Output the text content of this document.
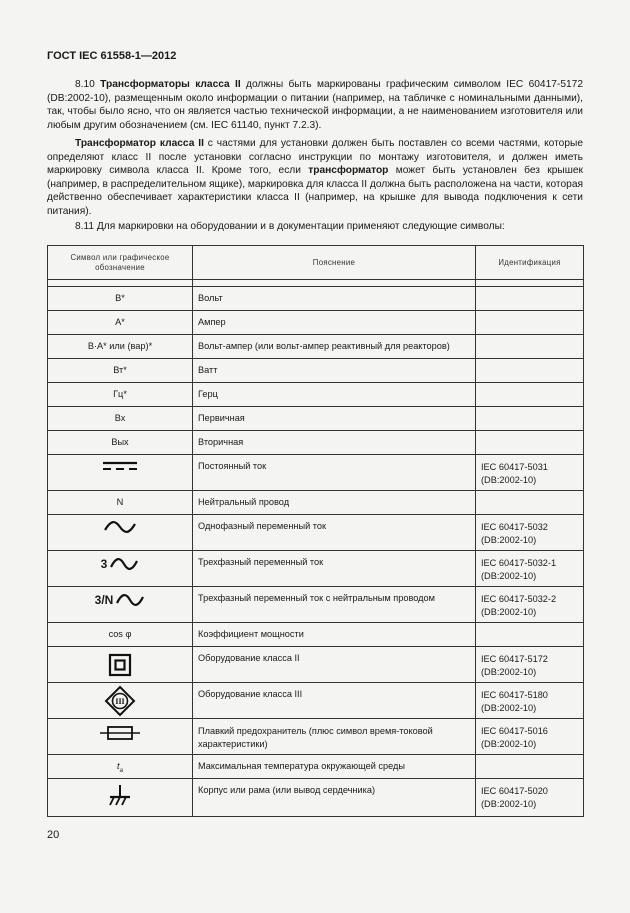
ГОСТ IEC 61558-1—2012
8.10 Трансформаторы класса II должны быть маркированы графическим символом IEC 60417-5172 (DB:2002-10), размещенным около информации о питании (например, на табличке с номинальными данными), так, чтобы было ясно, что он является частью технической информации, а не наименованием изготовителя или любым другим обозначением (см. IEC 61140, пункт 7.2.3).
Трансформатор класса II с частями для установки должен быть поставлен со всеми частями, которые определяют класс II после установки согласно инструкции по монтажу изготовителя, и должен иметь маркировку символа класса II. Кроме того, если трансформатор может быть установлен без крышек (например, в распределительном ящике), маркировка для класса II должна быть расположена на части, которая действенно обеспечивает характеристики класса II (например, на крышке для вывода подключения к сети питания).
8.11 Для маркировки на оборудовании и в документации применяют следующие символы:
Символ или графическое обозначение	Пояснение	Идентификация

В*	Вольт	

А*	Ампер	

В·А* или (вар)*	Вольт-ампер (или вольт-ампер реактивный для реакторов)	

Вт*	Ватт	

Гц*	Герц	

Вх	Первичная	

Вых	Вторичная	

	Постоянный ток	IEC 60417-5031
(DB:2002-10)

N	Нейтральный провод	

	Однофазный переменный ток	IEC 60417-5032
(DB:2002-10)

3	Трехфазный переменный ток	IEC 60417-5032-1
(DB:2002-10)

3/N	Трехфазный переменный ток с нейтральным проводом	IEC 60417-5032-2
(DB:2002-10)

cos φ	Коэффициент мощности	

	Оборудование класса II	IEC 60417-5172
(DB:2002-10)

III	Оборудование класса III	IEC 60417-5180
(DB:2002-10)

	Плавкий предохранитель (плюс символ время-токовой характеристики)	IEC 60417-5016
(DB:2002-10)

$t_a$	Максимальная температура окружающей среды	

	Корпус или рама (или вывод сердечника)	IEC 60417-5020
(DB:2002-10)
20
